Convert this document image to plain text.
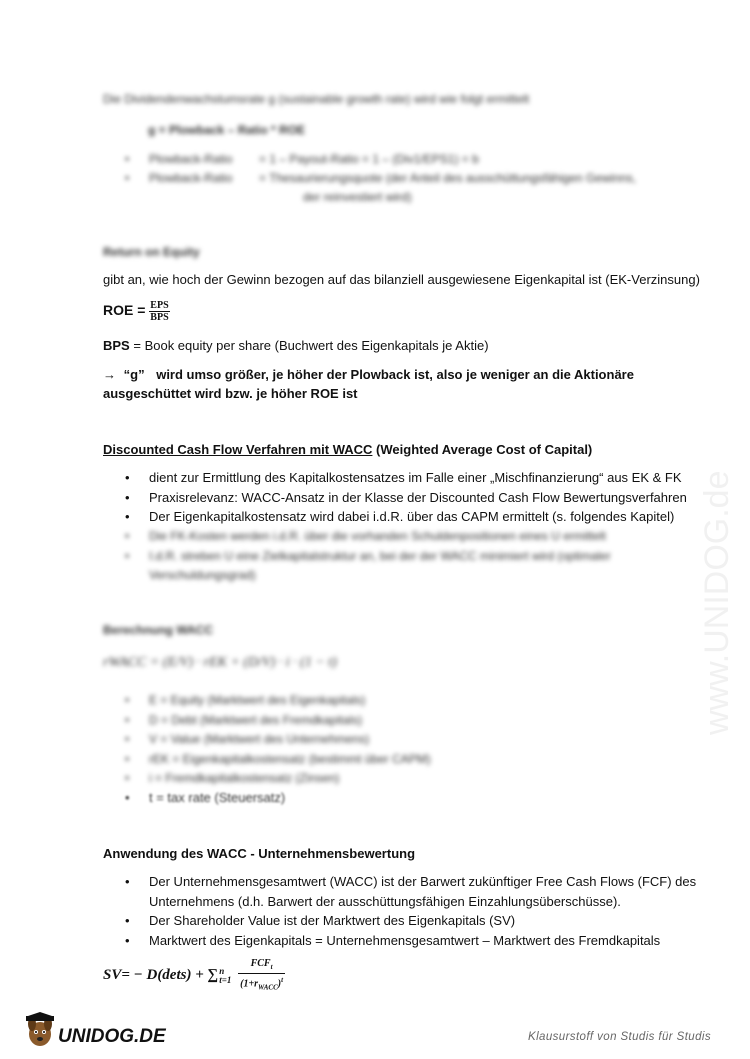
Die Dividendenwachstumsrate g (sustainable growth rate) wird wie folgt ermittelt
g = Plowback – Ratio * ROE
• Plowback-Ratio = 1 – Payout-Ratio = 1 – (Div1/EPS1) = b
• Plowback-Ratio = Thesaurierungsquote (der Anteil des ausschüttungsfähigen Gewinns,
der reinvestiert wird)
Return on Equity
gibt an, wie hoch der Gewinn bezogen auf das bilanziell ausgewiesene Eigenkapital ist (EK-Verzinsung)
ROE = $\frac{\text{EPS}}{\text{BPS}}$
BPS = Book equity per share (Buchwert des Eigenkapitals je Aktie)
→ “g” wird umso größer, je höher der Plowback ist, also je weniger an die Aktionäre
ausgeschüttet wird bzw. je höher ROE ist
Discounted Cash Flow Verfahren mit WACC (Weighted Average Cost of Capital)
• dient zur Ermittlung des Kapitalkostensatzes im Falle einer „Mischfinanzierung“ aus EK & FK
• Praxisrelevanz: WACC-Ansatz in der Klasse der Discounted Cash Flow Bewertungsverfahren
• Der Eigenkapitalkostensatz wird dabei i.d.R. über das CAPM ermittelt (s. folgendes Kapitel)
• Die FK-Kosten werden i.d.R. über die vorhanden Schuldenpositionen eines U ermittelt
• I.d.R. streben U eine Zielkapitalstruktur an, bei der der WACC minimiert wird (optimaler
Verschuldungsgrad)
Berechnung WACC
rWACC = (E/V) · rEK + (D/V) · i · (1 − t)
• E = Equity (Marktwert des Eigenkapitals)
• D = Debt (Marktwert des Fremdkapitals)
• V = Value (Marktwert des Unternehmens)
• rEK = Eigenkapitalkostensatz (bestimmt über CAPM)
• i = Fremdkapitalkostensatz (Zinsen)
• t = tax rate (Steuersatz)
Anwendung des WACC - Unternehmensbewertung
• Der Unternehmensgesamtwert (WACC) ist der Barwert zukünftiger Free Cash Flows (FCF) des
Unternehmens (d.h. Barwert der ausschüttungsfähigen Einzahlungsüberschüsse).
• Der Shareholder Value ist der Marktwert des Eigenkapitals (SV)
• Marktwert des Eigenkapitals = Unternehmensgesamtwert – Marktwert des Fremdkapitals
SV= − D(dets) + ∑ n
t=1

$FCF_t$
$(1+r_{WACC})^t$
www.UNIDOG.de
UNIDOG.DE	Klausurstoff von Studis für Studis
